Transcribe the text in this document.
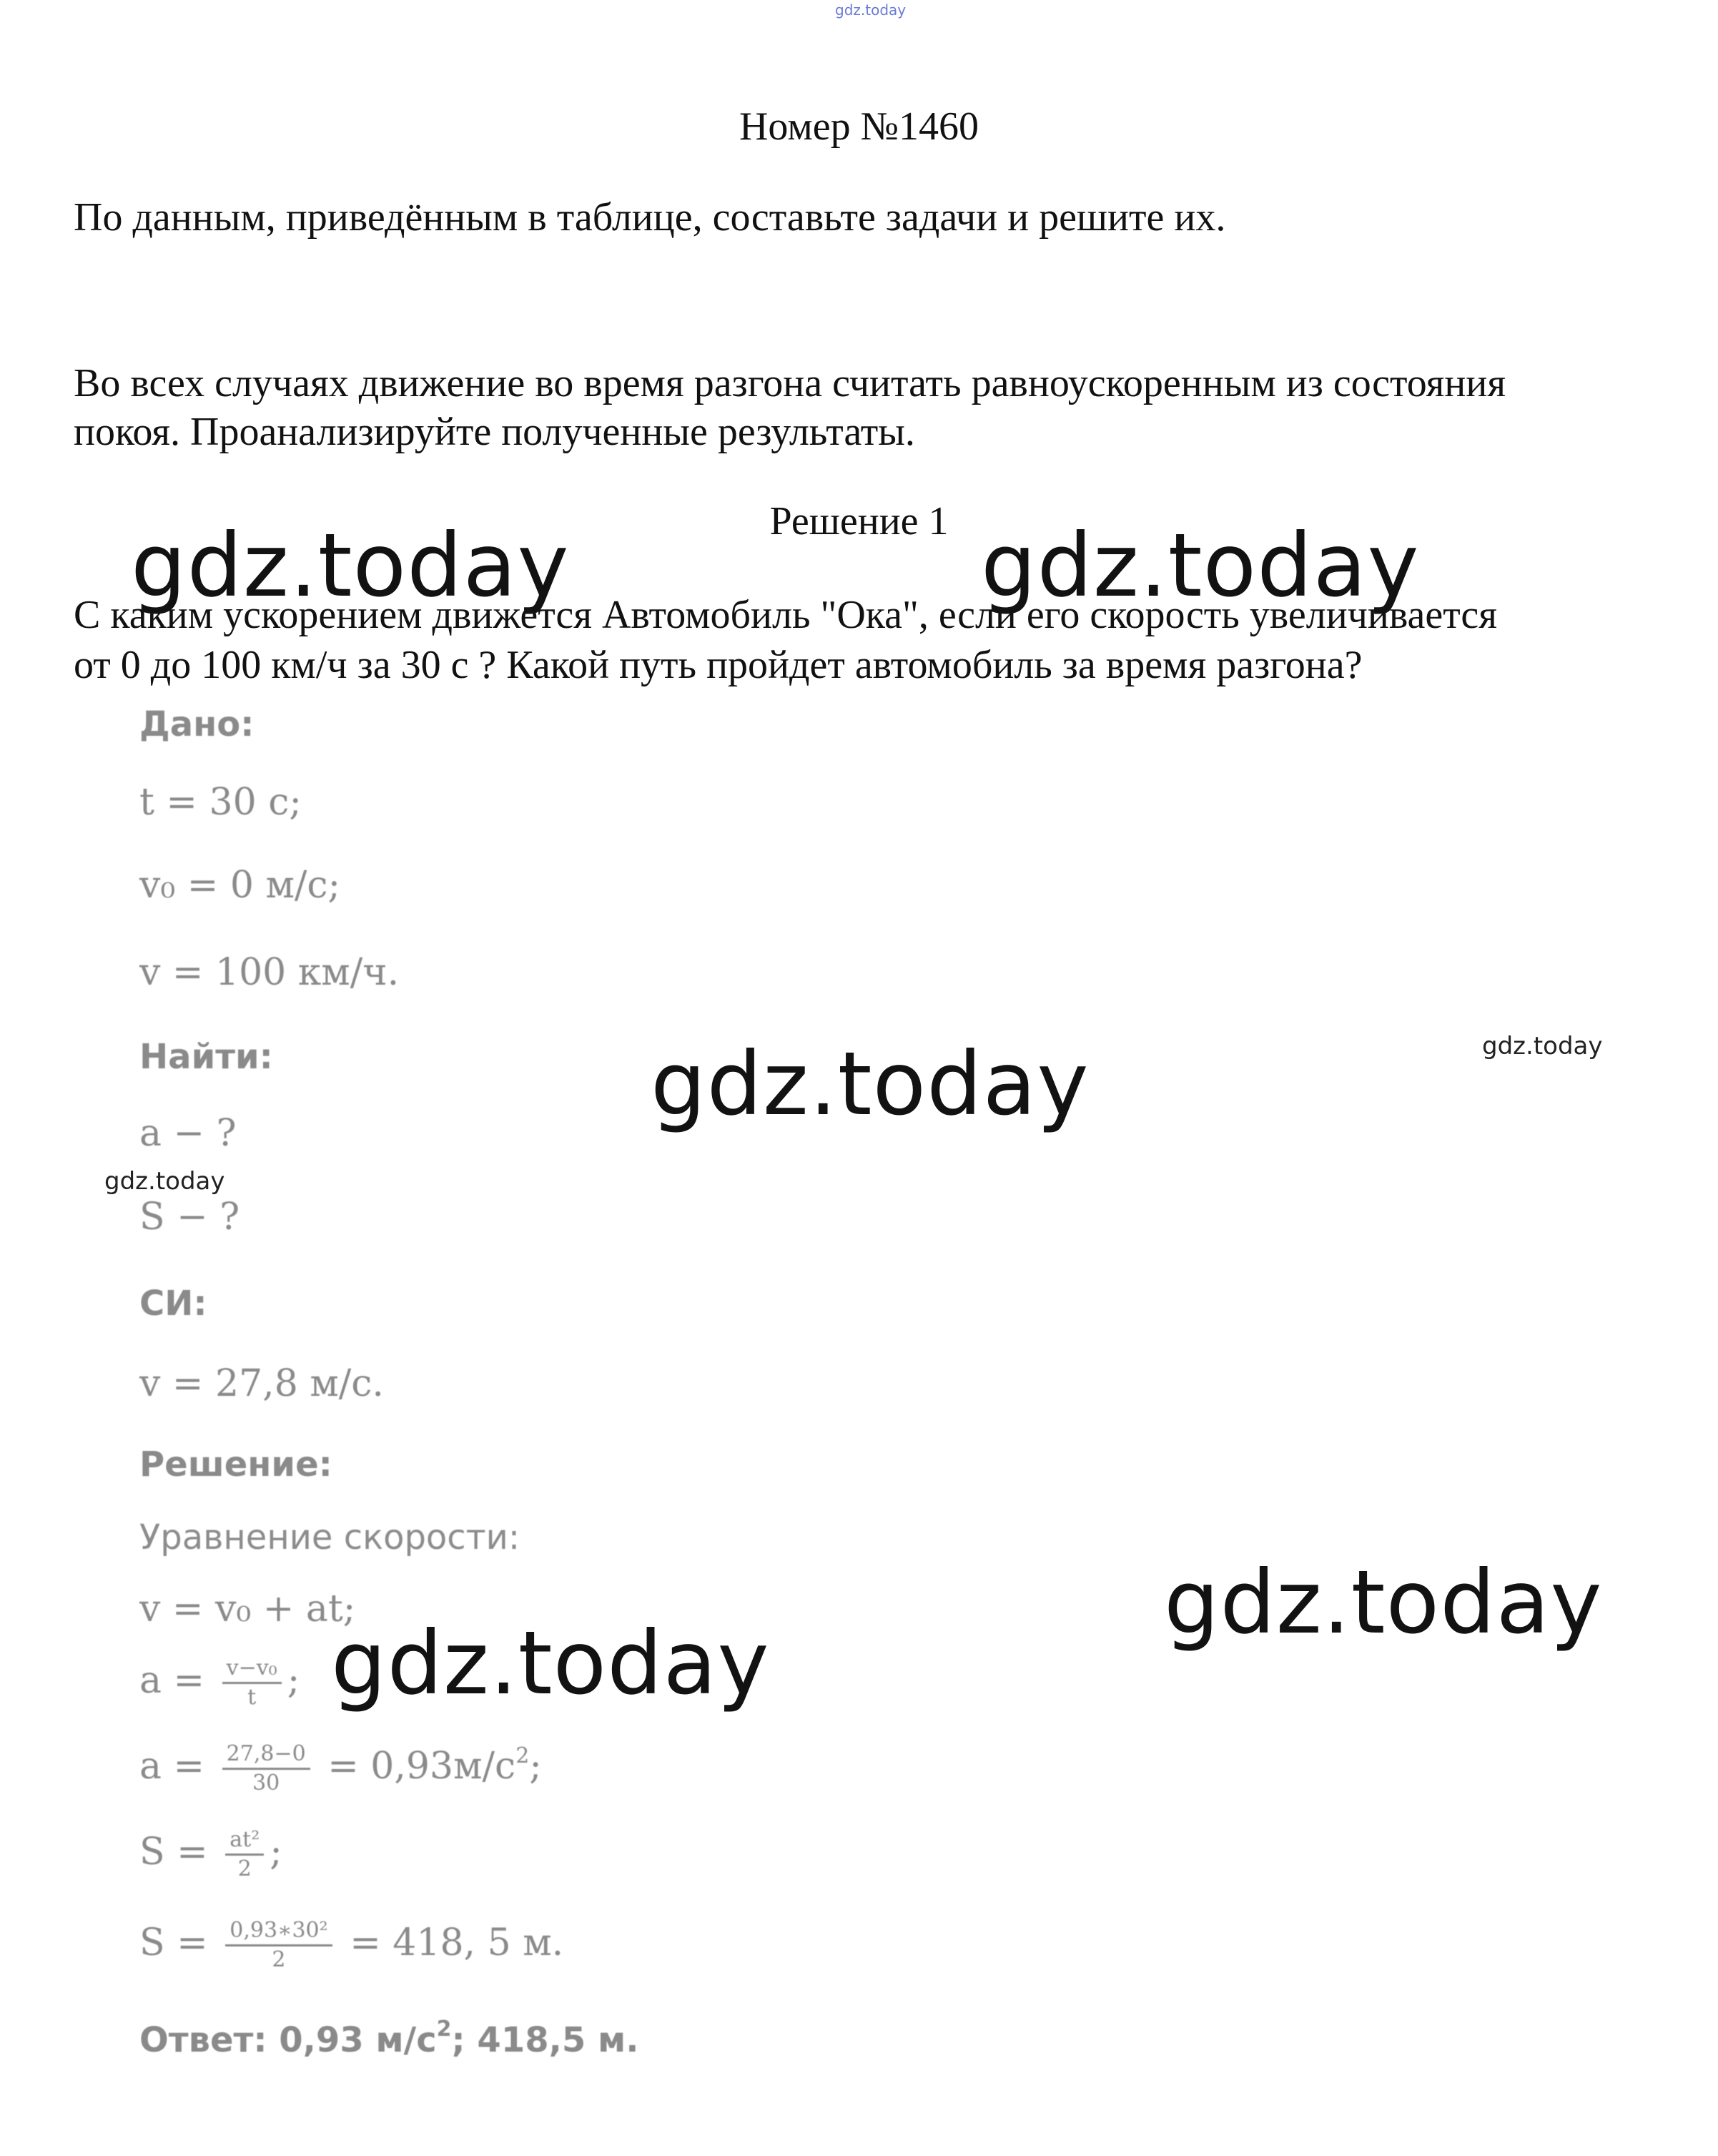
gdz.today
Номер №1460
По данным, приведённым в таблице, составьте задачи и решите их.
Во всех случаях движение во время разгона считать равноускоренным из состояния
покоя. Проанализируйте полученные результаты.
Решение 1
С каким ускорением движется Автомобиль "Ока", если его скорость увеличивается
от 0 до 100 км/ч за 30 с ? Какой путь пройдет автомобиль за время разгона?
Дано:
t = 30 c;
v₀ = 0 м/с;
v = 100 км/ч.
Найти:
a − ?
S − ?
СИ:
v = 27,8 м/с.
Решение:
Уравнение скорости:
v = v₀ + at;
$a = \frac{\text{v−v₀}}{t}$ ;
$a = \frac{27,8-0}{30} = 0,93м/с^2$;
$S = \frac{\text{at²}}{2}$ ;
$S = \frac{\text{0,93∗30²}}{2} = 418$, 5 м.
Ответ: 0,93 $м/с^2$; 418,5 м.
gdz.today	gdz.today
gdz.today	gdz.today
gdz.today
gdz.today
gdz.today
